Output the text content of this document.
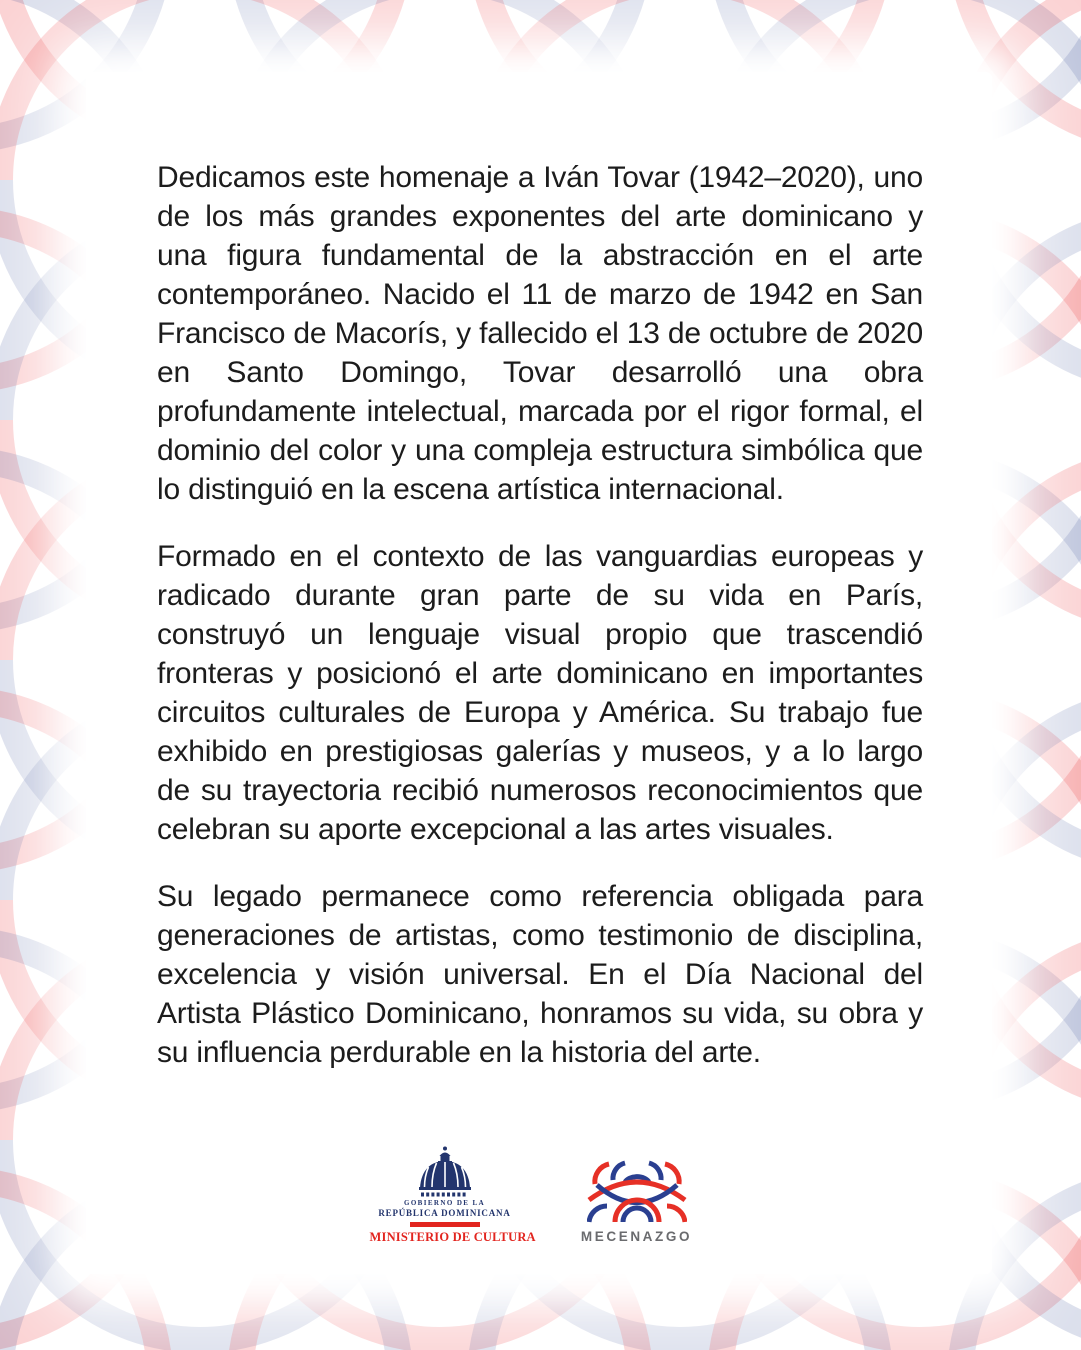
Dedicamos este homenaje a Iván Tovar (1942–2020), uno de los más grandes exponentes del arte dominicano y una figura fundamental de la abstracción en el arte contemporáneo. Nacido el 11 de marzo de 1942 en San Francisco de Macorís, y fallecido el 13 de octubre de 2020 en Santo Domingo, Tovar desarrolló una obra profundamente intelectual, marcada por el rigor formal, el dominio del color y una compleja estructura simbólica que lo distinguió en la escena artística internacional.

Formado en el contexto de las vanguardias europeas y radicado durante gran parte de su vida en París, construyó un lenguaje visual propio que trascendió fronteras y posicionó el arte dominicano en importantes circuitos culturales de Europa y América. Su trabajo fue exhibido en prestigiosas galerías y museos, y a lo largo de su trayectoria recibió numerosos reconocimientos que celebran su aporte excepcional a las artes visuales.

Su legado permanece como referencia obligada para generaciones de artistas, como testimonio de disciplina, excelencia y visión universal. En el Día Nacional del Artista Plástico Dominicano, honramos su vida, su obra y su influencia perdurable en la historia del arte.

GOBIERNO DE LA
REPÚBLICA DOMINICANA
MINISTERIO DE CULTURA	MECENAZGO
